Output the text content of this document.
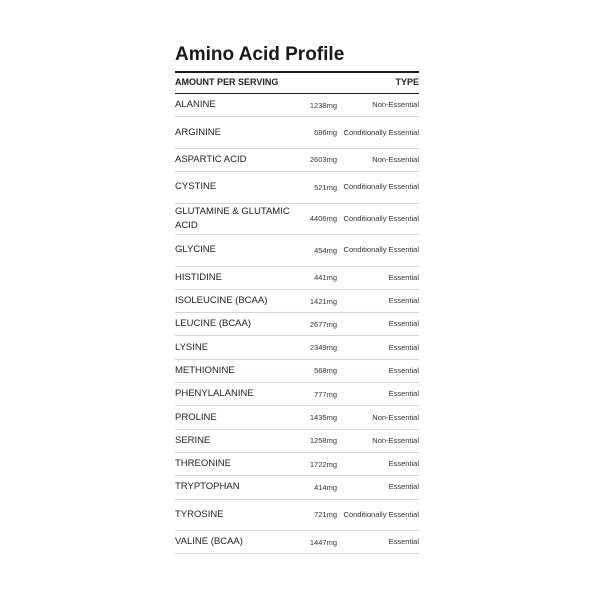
Amino Acid Profile
AMOUNT PER SERVING	TYPE
ALANINE	1238mg	Non-Essential
ARGININE	686mg Conditionally Essential
ASPARTIC ACID	2603mg	Non-Essential
CYSTINE	521mg Conditionally Essential
GLUTAMINE & GLUTAMIC ACID
4406mg Conditionally Essential
GLYCINE	454mg Conditionally Essential
HISTIDINE	441mg	Essential
ISOLEUCINE (BCAA)	1421mg	Essential
LEUCINE (BCAA)	2677mg	Essential
LYSINE	2349mg	Essential
METHIONINE	568mg	Essential
PHENYLALANINE	777mg	Essential
PROLINE	1435mg	Non-Essential
SERINE	1258mg	Non-Essential
THREONINE	1722mg	Essential
TRYPTOPHAN	414mg	Essential
TYROSINE	721mg Conditionally Essential
VALINE (BCAA)	1447mg	Essential
